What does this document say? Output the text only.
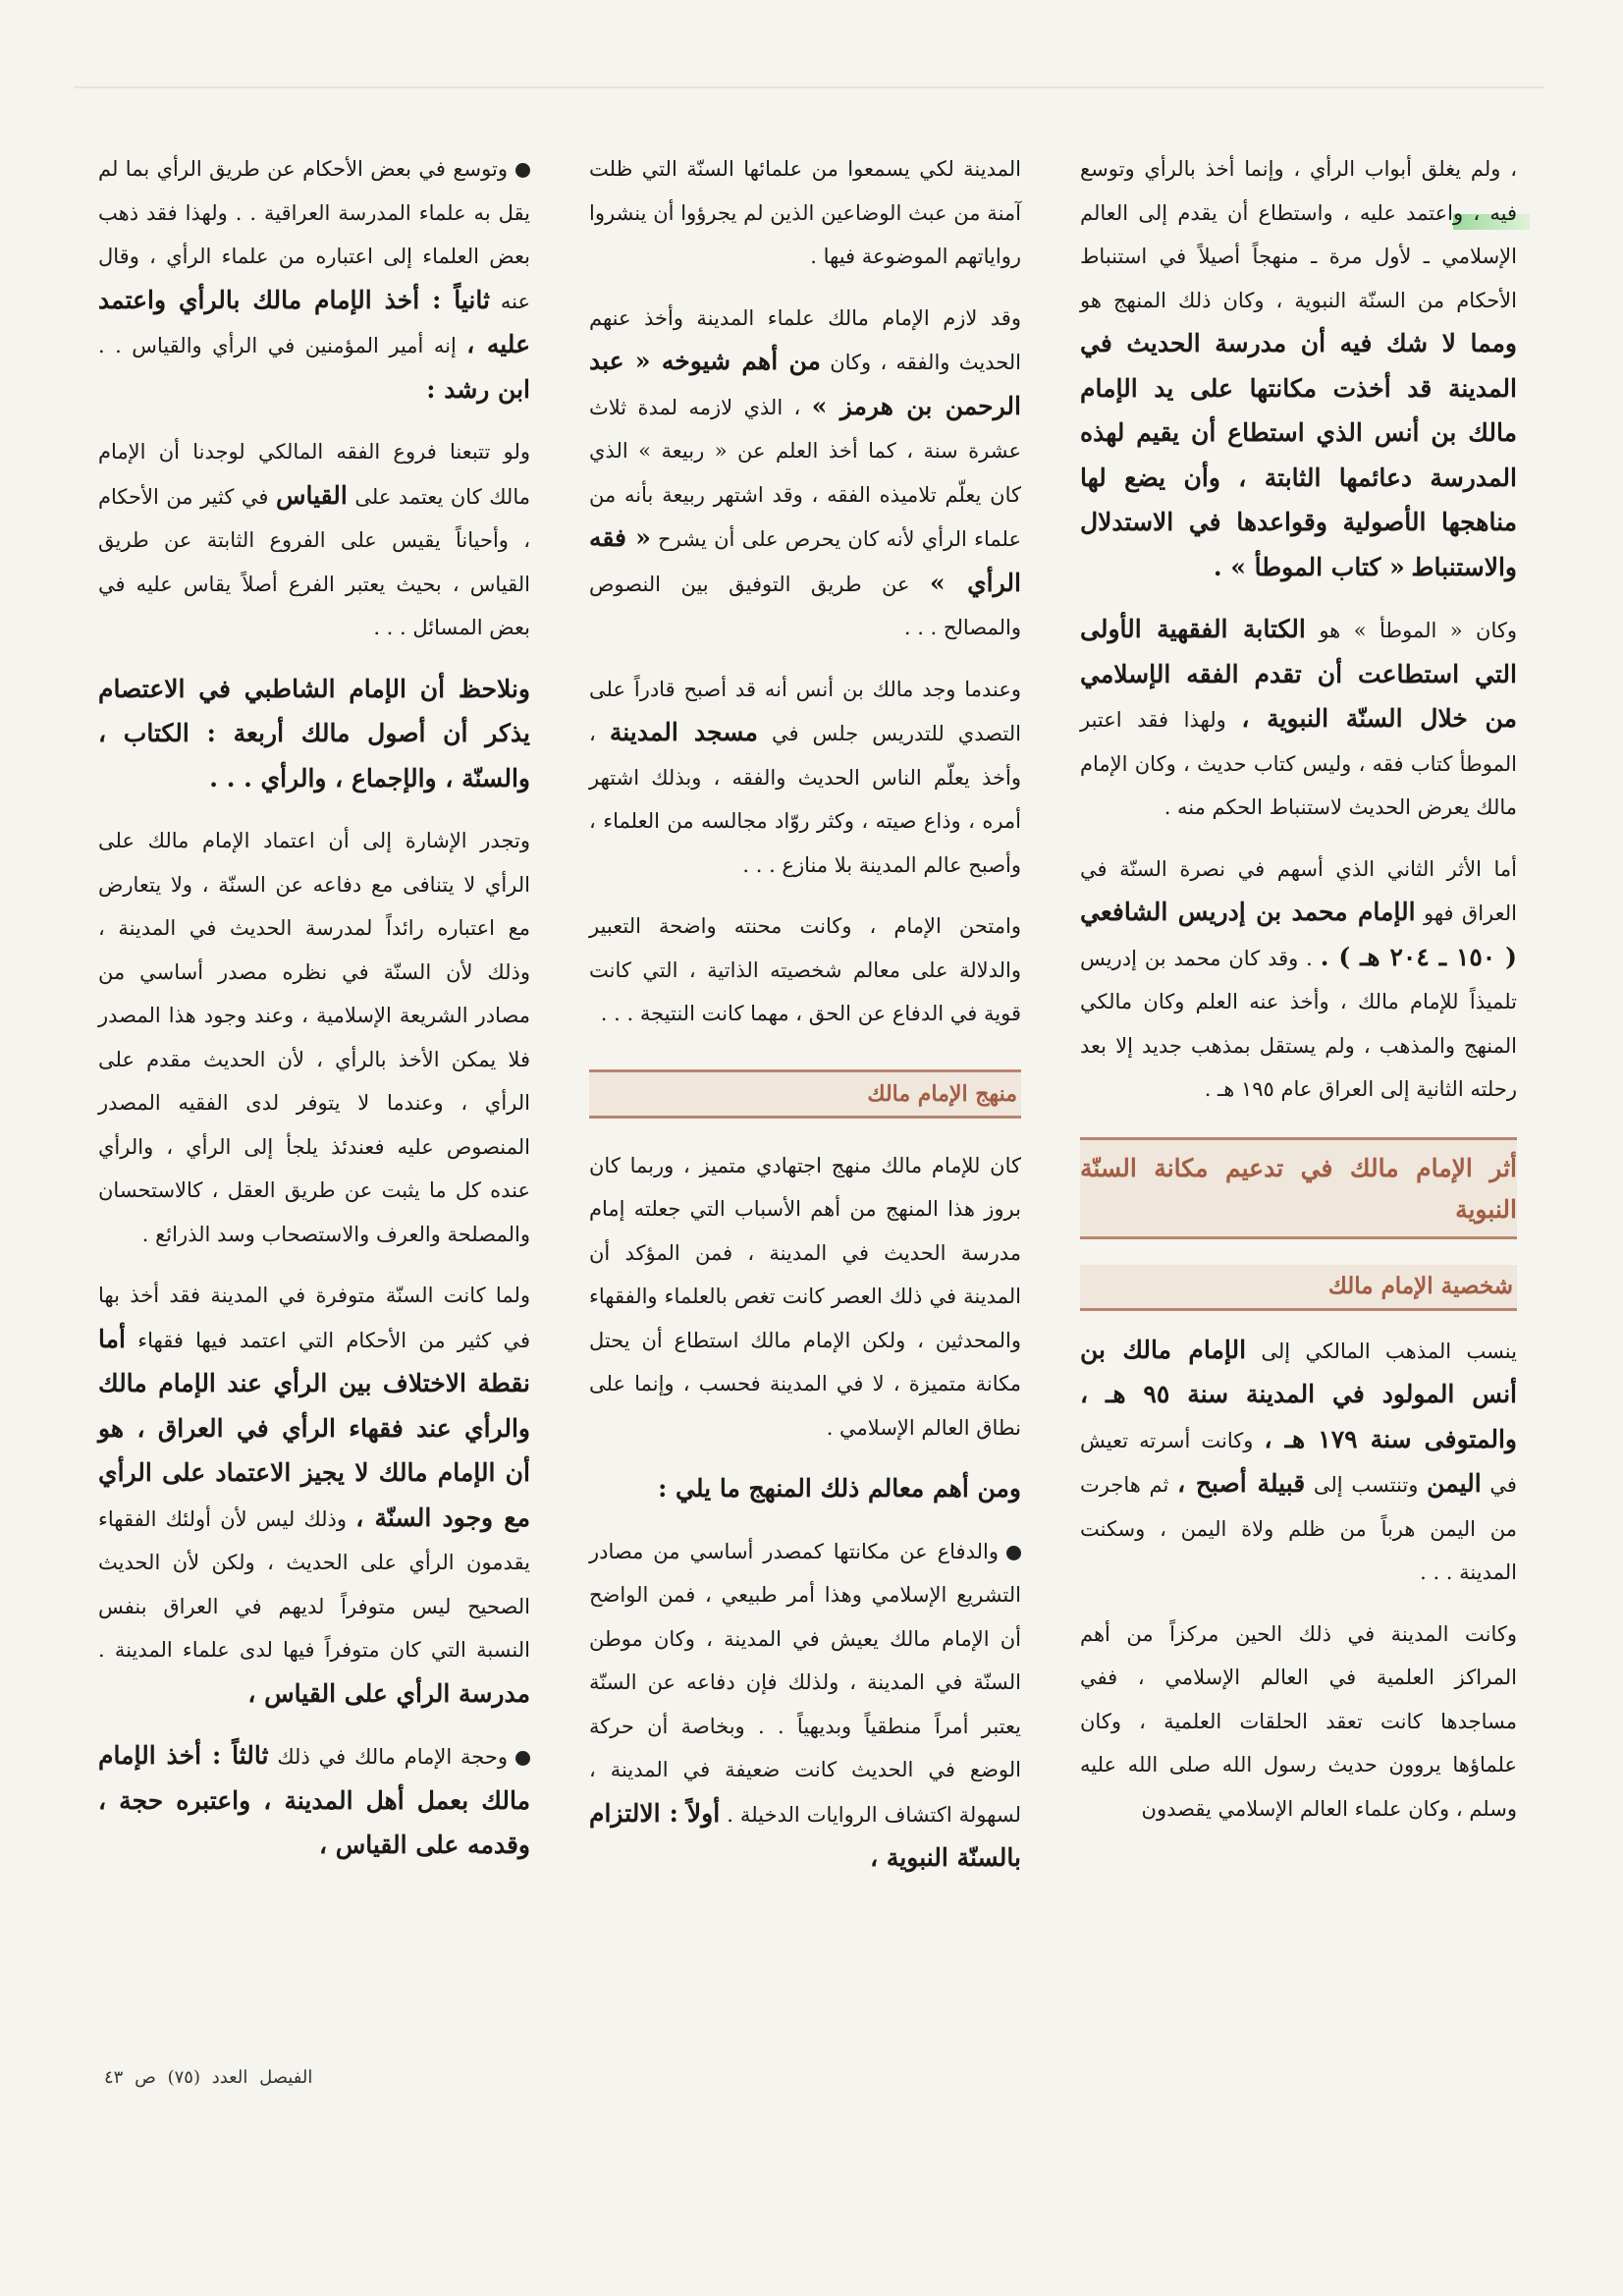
، ولم يغلق أبواب الرأي ، وإنما أخذ بالرأي وتوسع فيه ، واعتمد عليه ، واستطاع أن يقدم إلى العالم الإسلامي ـ لأول مرة ـ منهجاً أصيلاً في استنباط الأحكام من السنّة النبوية ، وكان ذلك المنهج هو ومما لا شك فيه أن مدرسة الحديث في المدينة قد أخذت مكانتها على يد الإمام مالك بن أنس الذي استطاع أن يقيم لهذه المدرسة دعائمها الثابتة ، وأن يضع لها مناهجها الأصولية وقواعدها في الاستدلال والاستنباط « كتاب الموطأ » .

وكان « الموطأ » هو الكتابة الفقهية الأولى التي استطاعت أن تقدم الفقه الإسلامي من خلال السنّة النبوية ، ولهذا فقد اعتبر الموطأ كتاب فقه ، وليس كتاب حديث ، وكان الإمام مالك يعرض الحديث لاستنباط الحكم منه .

أما الأثر الثاني الذي أسهم في نصرة السنّة في العراق فهو الإمام محمد بن إدريس الشافعي ( ١٥٠ ـ ٢٠٤ هـ ) . . وقد كان محمد بن إدريس تلميذاً للإمام مالك ، وأخذ عنه العلم وكان مالكي المنهج والمذهب ، ولم يستقل بمذهب جديد إلا بعد رحلته الثانية إلى العراق عام ١٩٥ هـ .

أثر الإمام مالك في تدعيم مكانة السنّة النبوية
شخصية الإمام مالك

ينسب المذهب المالكي إلى الإمام مالك بن أنس المولود في المدينة سنة ٩٥ هـ ، والمتوفى سنة ١٧٩ هـ ، وكانت أسرته تعيش في اليمن وتنتسب إلى قبيلة أصبح ، ثم هاجرت من اليمن هرباً من ظلم ولاة اليمن ، وسكنت المدينة . . .

وكانت المدينة في ذلك الحين مركزاً من أهم المراكز العلمية في العالم الإسلامي ، ففي مساجدها كانت تعقد الحلقات العلمية ، وكان علماؤها يروون حديث رسول الله صلى الله عليه وسلم ، وكان علماء العالم الإسلامي يقصدون

المدينة لكي يسمعوا من علمائها السنّة التي ظلت آمنة من عبث الوضاعين الذين لم يجرؤوا أن ينشروا رواياتهم الموضوعة فيها .

وقد لازم الإمام مالك علماء المدينة وأخذ عنهم الحديث والفقه ، وكان من أهم شيوخه « عبد الرحمن بن هرمز » ، الذي لازمه لمدة ثلاث عشرة سنة ، كما أخذ العلم عن « ربيعة » الذي كان يعلّم تلاميذه الفقه ، وقد اشتهر ربيعة بأنه من علماء الرأي لأنه كان يحرص على أن يشرح « فقه الرأي » عن طريق التوفيق بين النصوص والمصالح . . .

وعندما وجد مالك بن أنس أنه قد أصبح قادراً على التصدي للتدريس جلس في مسجد المدينة ، وأخذ يعلّم الناس الحديث والفقه ، وبذلك اشتهر أمره ، وذاع صيته ، وكثر روّاد مجالسه من العلماء ، وأصبح عالم المدينة بلا منازع . . .

وامتحن الإمام ، وكانت محنته واضحة التعبير والدلالة على معالم شخصيته الذاتية ، التي كانت قوية في الدفاع عن الحق ، مهما كانت النتيجة . . .

منهج الإمام مالك

كان للإمام مالك منهج اجتهادي متميز ، وربما كان بروز هذا المنهج من أهم الأسباب التي جعلته إمام مدرسة الحديث في المدينة ، فمن المؤكد أن المدينة في ذلك العصر كانت تغص بالعلماء والفقهاء والمحدثين ، ولكن الإمام مالك استطاع أن يحتل مكانة متميزة ، لا في المدينة فحسب ، وإنما على نطاق العالم الإسلامي .

ومن أهم معالم ذلك المنهج ما يلي :

والدفاع عن مكانتها كمصدر أساسي من مصادر التشريع الإسلامي وهذا أمر طبيعي ، فمن الواضح أن الإمام مالك يعيش في المدينة ، وكان موطن السنّة في المدينة ، ولذلك فإن دفاعه عن السنّة يعتبر أمراً منطقياً وبديهياً . . وبخاصة أن حركة الوضع في الحديث كانت ضعيفة في المدينة ، لسهولة اكتشاف الروايات الدخيلة . أولاً : الالتزام بالسنّة النبوية ،

وتوسع في بعض الأحكام عن طريق الرأي بما لم يقل به علماء المدرسة العراقية . . ولهذا فقد ذهب بعض العلماء إلى اعتباره من علماء الرأي ، وقال عنه ثانياً : أخذ الإمام مالك بالرأي واعتمد عليه ، إنه أمير المؤمنين في الرأي والقياس . . ابن رشد :

ولو تتبعنا فروع الفقه المالكي لوجدنا أن الإمام مالك كان يعتمد على القياس في كثير من الأحكام ، وأحياناً يقيس على الفروع الثابتة عن طريق القياس ، بحيث يعتبر الفرع أصلاً يقاس عليه في بعض المسائل . . .

ونلاحظ أن الإمام الشاطبي في الاعتصام يذكر أن أصول مالك أربعة : الكتاب ، والسنّة ، والإجماع ، والرأي . . .

وتجدر الإشارة إلى أن اعتماد الإمام مالك على الرأي لا يتنافى مع دفاعه عن السنّة ، ولا يتعارض مع اعتباره رائداً لمدرسة الحديث في المدينة ، وذلك لأن السنّة في نظره مصدر أساسي من مصادر الشريعة الإسلامية ، وعند وجود هذا المصدر فلا يمكن الأخذ بالرأي ، لأن الحديث مقدم على الرأي ، وعندما لا يتوفر لدى الفقيه المصدر المنصوص عليه فعندئذ يلجأ إلى الرأي ، والرأي عنده كل ما يثبت عن طريق العقل ، كالاستحسان والمصلحة والعرف والاستصحاب وسد الذرائع .

ولما كانت السنّة متوفرة في المدينة فقد أخذ بها في كثير من الأحكام التي اعتمد فيها فقهاء أما نقطة الاختلاف بين الرأي عند الإمام مالك والرأي عند فقهاء الرأي في العراق ، هو أن الإمام مالك لا يجيز الاعتماد على الرأي مع وجود السنّة ، وذلك ليس لأن أولئك الفقهاء يقدمون الرأي على الحديث ، ولكن لأن الحديث الصحيح ليس متوفراً لديهم في العراق بنفس النسبة التي كان متوفراً فيها لدى علماء المدينة . مدرسة الرأي على القياس ،

وحجة الإمام مالك في ذلك ثالثاً : أخذ الإمام مالك بعمل أهل المدينة ، واعتبره حجة ، وقدمه على القياس ،

الفيصل العدد (٧٥) ص ٤٣
